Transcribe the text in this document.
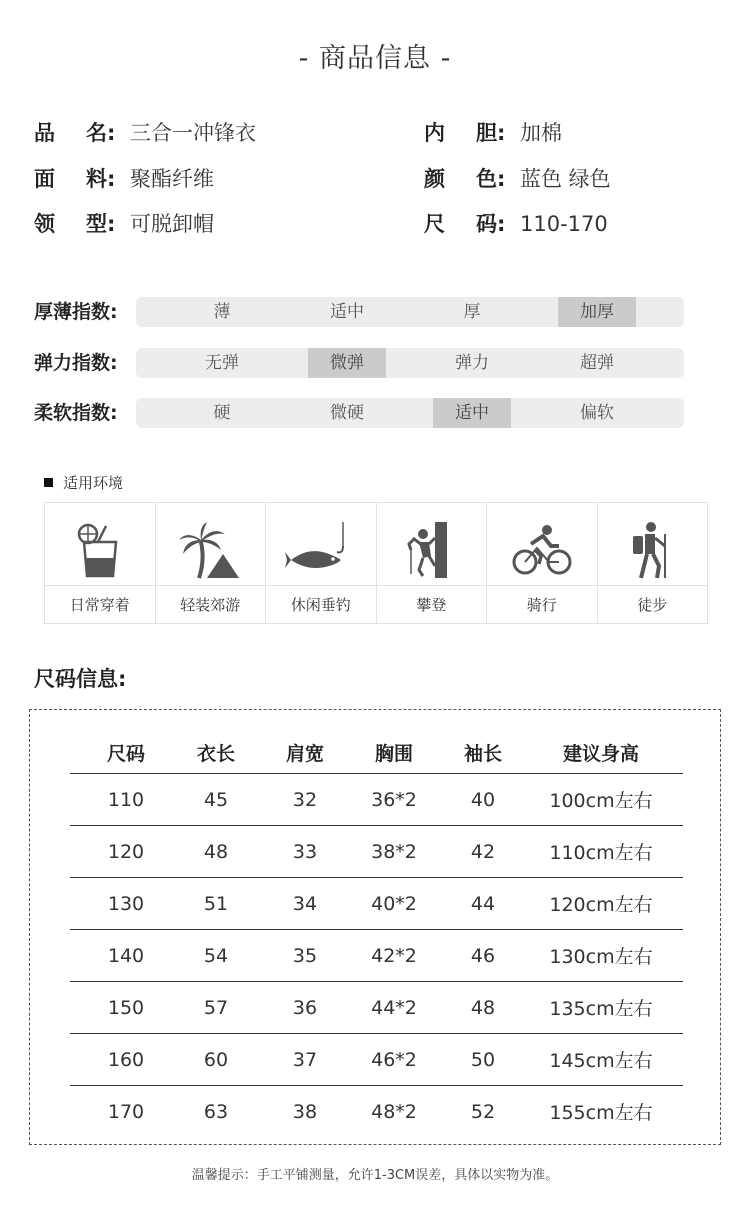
- 商品信息 -
品 名: 三合一冲锋衣
面 料: 聚酯纤维
领 型: 可脱卸帽
内 胆: 加棉
颜 色: 蓝色 绿色
尺 码: 110-170
厚薄指数:	薄	适中	厚	加厚
弹力指数:	无弹	微弹	弹力	超弹
柔软指数:	硬	微硬	适中	偏软
适用环境
日常穿着	轻装郊游	休闲垂钓	攀登	骑行	徒步
尺码信息:
尺码	衣长	肩宽	胸围	袖长	建议身高
110	45	32	36*2	40	100cm左右
120	48	33	38*2	42	110cm左右
130	51	34	40*2	44	120cm左右
140	54	35	42*2	46	130cm左右
150	57	36	44*2	48	135cm左右
160	60	37	46*2	50	145cm左右
170	63	38	48*2	52	155cm左右
温馨提示：手工平铺测量，允许1-3CM误差，具体以实物为准。
